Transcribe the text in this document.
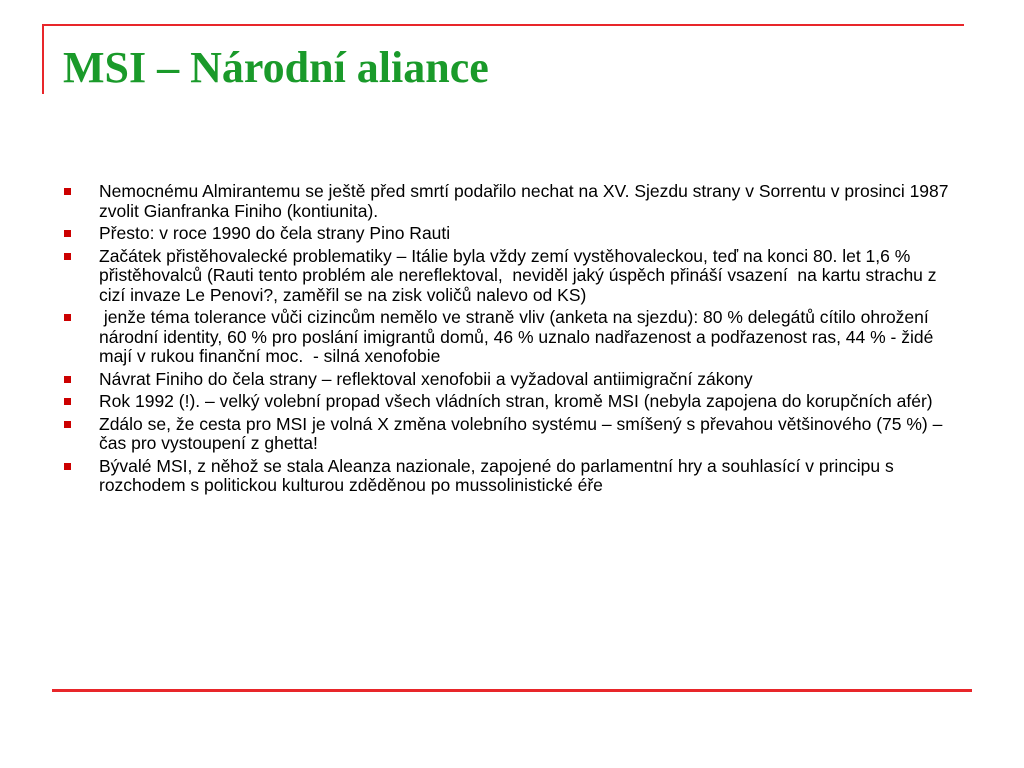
MSI – Národní aliance
Nemocnému Almirantemu se ještě před smrtí podařilo nechat na XV. Sjezdu strany v Sorrentu v prosinci 1987 zvolit Gianfranka Finiho (kontiunita).
Přesto: v roce 1990 do čela strany Pino Rauti
Začátek přistěhovalecké problematiky – Itálie byla vždy zemí vystěhovaleckou, teď na konci 80. let 1,6 % přistěhovalců (Rauti tento problém ale nereflektoval,  neviděl jaký úspěch přináší vsazení  na kartu strachu z cizí invaze Le Penovi?, zaměřil se na zisk voličů nalevo od KS)
jenže téma tolerance vůči cizincům nemělo ve straně vliv (anketa na sjezdu): 80 % delegátů cítilo ohrožení národní identity, 60 % pro poslání imigrantů domů, 46 % uznalo nadřazenost a podřazenost ras, 44 % - židé mají v rukou finanční moc.  - silná xenofobie
Návrat Finiho do čela strany – reflektoval xenofobii a vyžadoval antiimigrační zákony
Rok 1992 (!). – velký volební propad všech vládních stran, kromě MSI (nebyla zapojena do korupčních afér)
Zdálo se, že cesta pro MSI je volná X změna volebního systému – smíšený s převahou většinového (75 %) – čas pro vystoupení z ghetta!
Bývalé MSI, z něhož se stala Aleanza nazionale, zapojené do parlamentní hry a souhlasící v principu s rozchodem s politickou kulturou zděděnou po mussolinistické éře
